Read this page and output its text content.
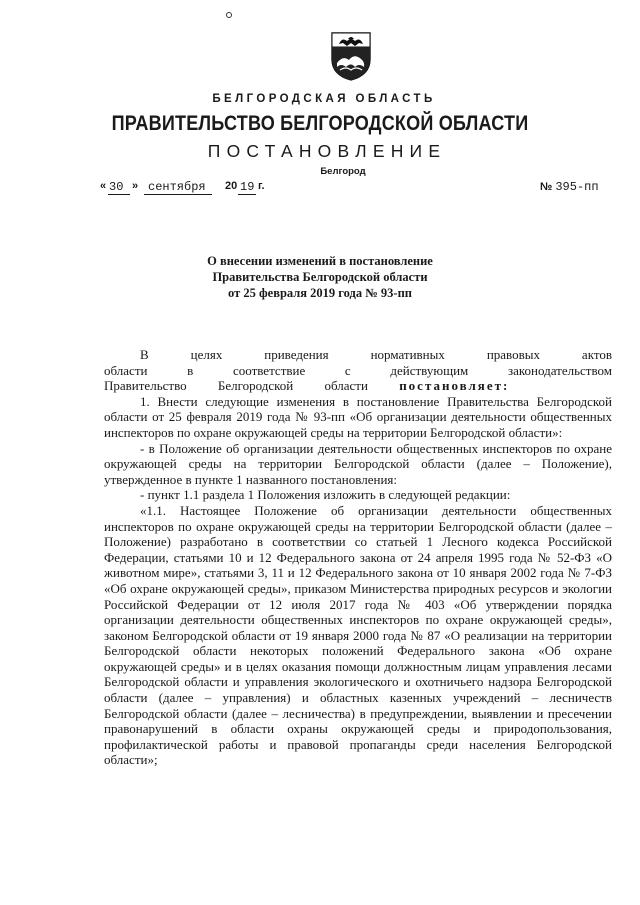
БЕЛГОРОДСКАЯ ОБЛАСТЬ
ПРАВИТЕЛЬСТВО БЕЛГОРОДСКОЙ ОБЛАСТИ
ПОСТАНОВЛЕНИЕ
Белгород
« 30 » сентября 20 19 г.	№ 395-пп
О внесении изменений в постановление
Правительства Белгородской области
от 25 февраля 2019 года № 93-пп

В целях приведения нормативных правовых актов области в соответствие с действующим законодательством Правительство Белгородской области постановляет:

1. Внести следующие изменения в постановление Правительства Белгородской области от 25 февраля 2019 года № 93-пп «Об организации деятельности общественных инспекторов по охране окружающей среды на территории Белгородской области»:

- в Положение об организации деятельности общественных инспекторов по охране окружающей среды на территории Белгородской области (далее – Положение), утвержденное в пункте 1 названного постановления:

- пункт 1.1 раздела 1 Положения изложить в следующей редакции:

«1.1. Настоящее Положение об организации деятельности общественных инспекторов по охране окружающей среды на территории Белгородской области (далее – Положение) разработано в соответствии со статьей 1 Лесного кодекса Российской Федерации, статьями 10 и 12 Федерального закона от 24 апреля 1995 года № 52-ФЗ «О животном мире», статьями 3, 11 и 12 Федерального закона от 10 января 2002 года № 7-ФЗ «Об охране окружающей среды», приказом Министерства природных ресурсов и экологии Российской Федерации от 12 июля 2017 года № 403 «Об утверждении порядка организации деятельности общественных инспекторов по охране окружающей среды», законом Белгородской области от 19 января 2000 года № 87 «О реализации на территории Белгородской области некоторых положений Федерального закона «Об охране окружающей среды» и в целях оказания помощи должностным лицам управления лесами Белгородской области и управления экологического и охотничьего надзора Белгородской области (далее – управления) и областных казенных учреждений – лесничеств Белгородской области (далее – лесничества) в предупреждении, выявлении и пресечении правонарушений в области охраны окружающей среды и природопользования, профилактической работы и правовой пропаганды среди населения Белгородской области»;
